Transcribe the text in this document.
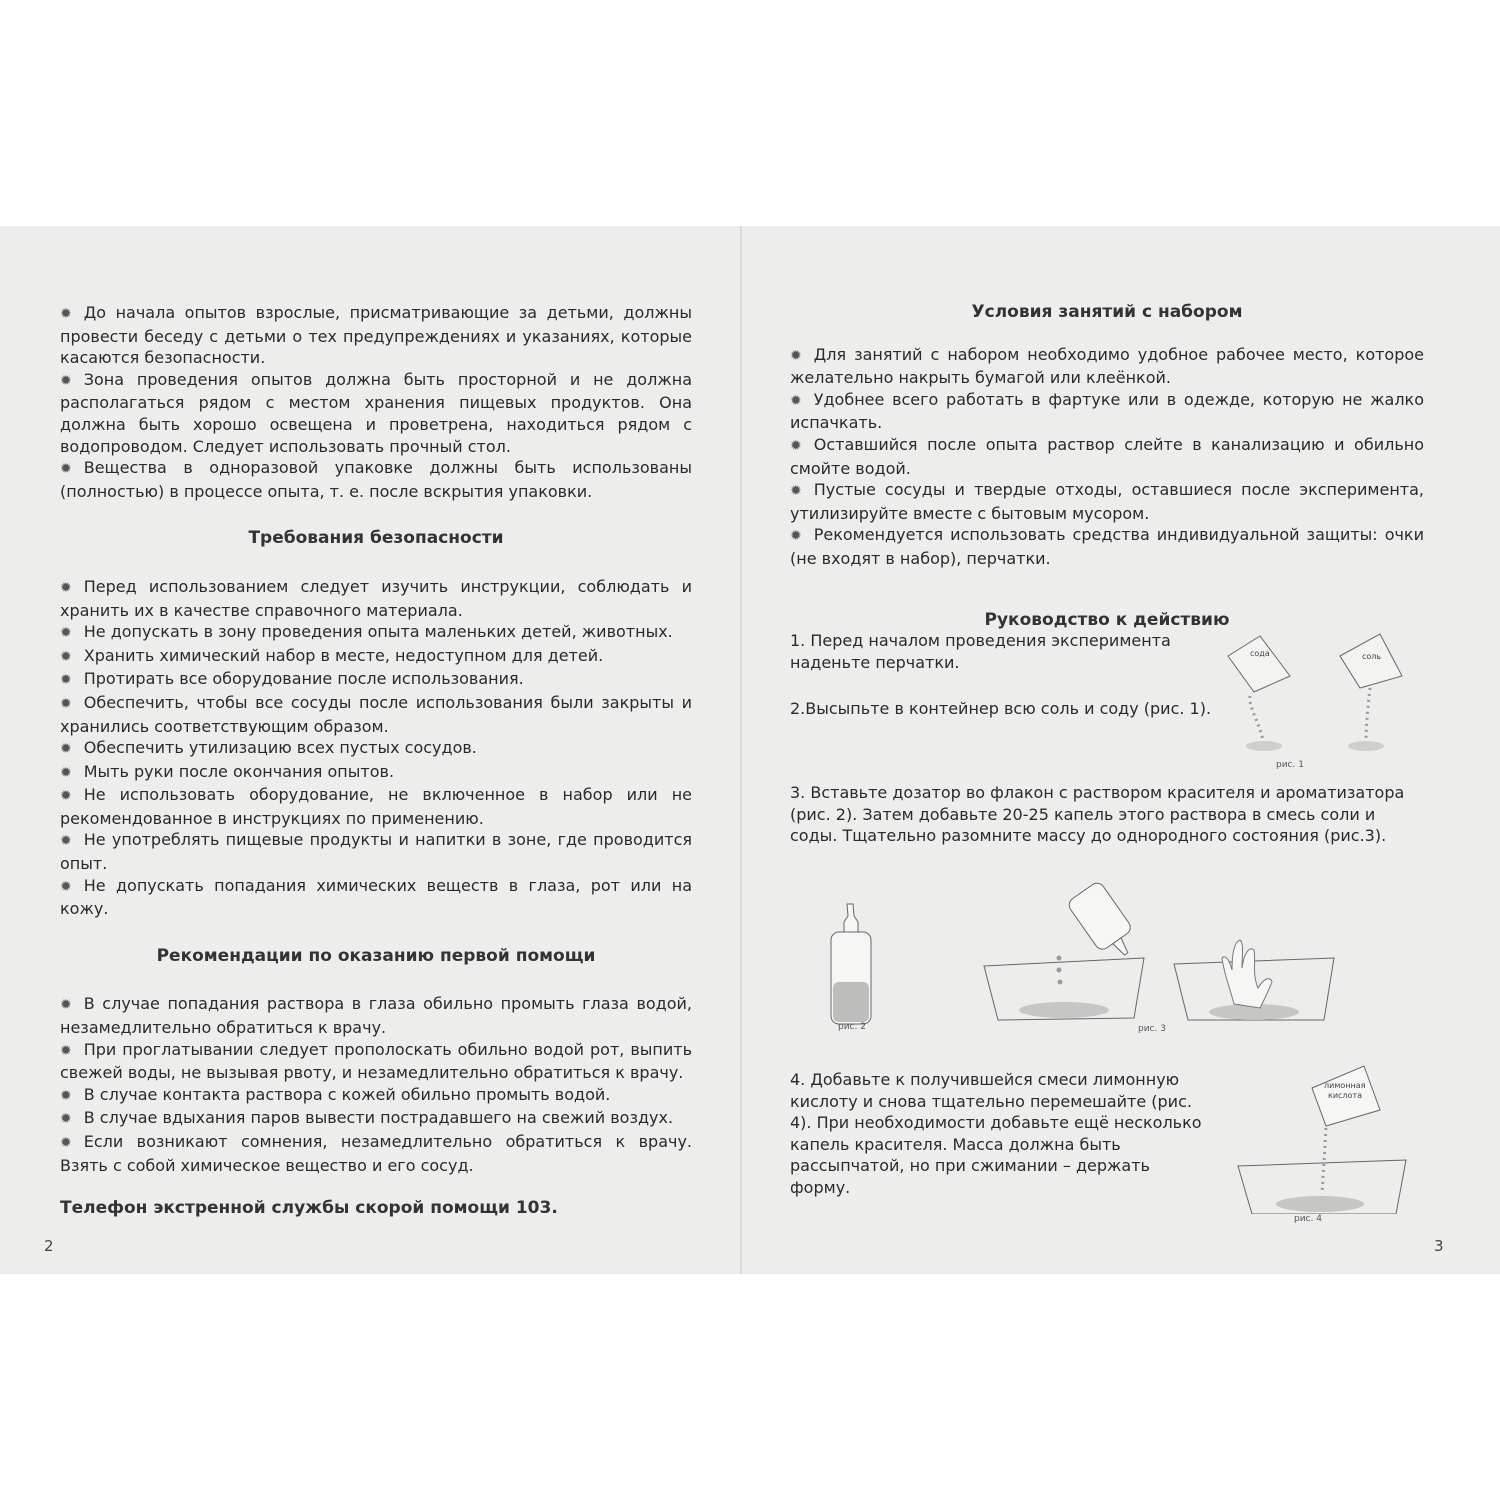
✹ До начала опытов взрослые, присматривающие за детьми, должны провести беседу с детьми о тех предупреждениях и указаниях, которые касаются безопасности.

✹ Зона проведения опытов должна быть просторной и не должна располагаться рядом с местом хранения пищевых продуктов. Она должна быть хорошо освещена и проветрена, находиться рядом с водопроводом. Следует использовать прочный стол.

✹ Вещества в одноразовой упаковке должны быть использованы (полностью) в процессе опыта, т. е. после вскрытия упаковки.

Требования безопасности

✹ Перед использованием следует изучить инструкции, соблюдать и хранить их в качестве справочного материала.

✹ Не допускать в зону проведения опыта маленьких детей, животных.

✹ Хранить химический набор в месте, недоступном для детей.

✹ Протирать все оборудование после использования.

✹ Обеспечить, чтобы все сосуды после использования были закрыты и хранились соответствующим образом.

✹ Обеспечить утилизацию всех пустых сосудов.

✹ Мыть руки после окончания опытов.

✹ Не использовать оборудование, не включенное в набор или не рекомендованное в инструкциях по применению.

✹ Не употреблять пищевые продукты и напитки в зоне, где проводится опыт.

✹ Не допускать попадания химических веществ в глаза, рот или на кожу.

Рекомендации по оказанию первой помощи

✹ В случае попадания раствора в глаза обильно промыть глаза водой, незамедлительно обратиться к врачу.

✹ При проглатывании следует прополоскать обильно водой рот, выпить свежей воды, не вызывая рвоту, и незамедлительно обратиться к врачу.

✹ В случае контакта раствора с кожей обильно промыть водой.

✹ В случае вдыхания паров вывести пострадавшего на свежий воздух.

✹ Если возникают сомнения, незамедлительно обратиться к врачу. Взять с собой химическое вещество и его сосуд.

Телефон экстренной службы скорой помощи 103.

2
Условия занятий с набором

✹ Для занятий с набором необходимо удобное рабочее место, которое желательно накрыть бумагой или клеёнкой.

✹ Удобнее всего работать в фартуке или в одежде, которую не жалко испачкать.

✹ Оставшийся после опыта раствор слейте в канализацию и обильно смойте водой.

✹ Пустые сосуды и твердые отходы, оставшиеся после эксперимента, утилизируйте вместе с бытовым мусором.

✹ Рекомендуется использовать средства индивидуальной защиты: очки (не входят в набор), перчатки.

Руководство к действию

1. Перед началом проведения эксперимента наденьте перчатки.

2.Высыпьте в контейнер всю соль и соду (рис. 1).

3. Вставьте дозатор во флакон с раствором красителя и ароматизатора (рис. 2). Затем добавьте 20-25 капель этого раствора в смесь соли и соды. Тщательно разомните массу до однородного состояния (рис.3).

4. Добавьте к получившейся смеси лимонную кислоту и снова тщательно перемешайте (рис. 4). При необходимости добавьте ещё несколько капель красителя. Масса должна быть рассыпчатой, но при сжимании – держать форму.

сода	соль
рис. 1
рис. 2	рис. 3
лимонная
кислота
рис. 4
3
